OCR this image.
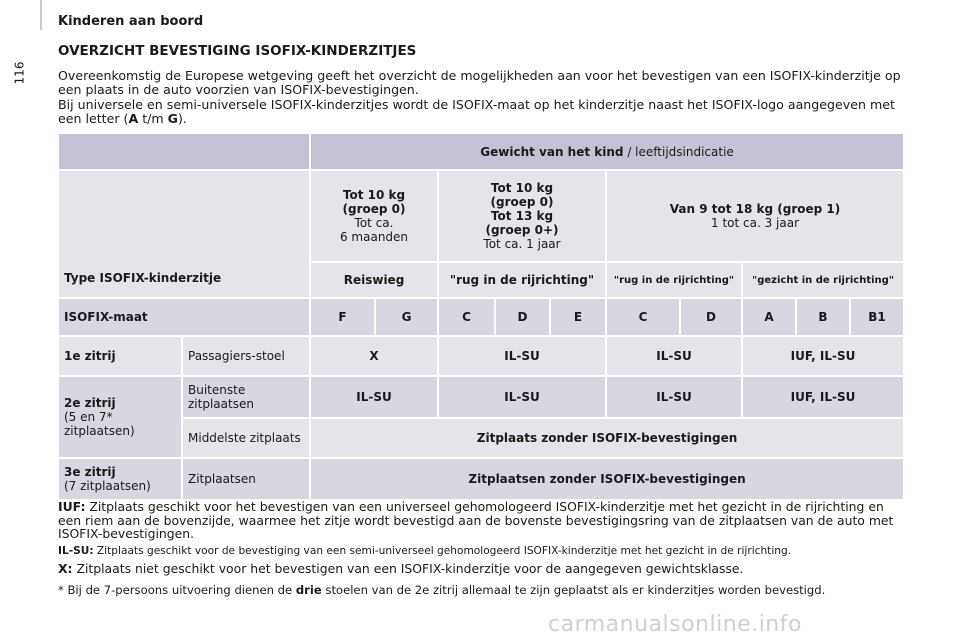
116
Kinderen aan boord
OVERZICHT BEVESTIGING ISOFIX-KINDERZITJES

Overeenkomstig de Europese wetgeving geeft het overzicht de mogelijkheden aan voor het bevestigen van een ISOFIX-kinderzitje op een plaats in de auto voorzien van ISOFIX-bevestigingen.

Bij universele en semi-universele ISOFIX-kinderzitjes wordt de ISOFIX-maat op het kinderzitje naast het ISOFIX-logo aangegeven met een letter (A t/m G).

		Gewicht van het kind / leeftijdsindicatie									
Type ISOFIX-kinderzitje		Tot 10 kg
(groep 0)
Tot ca.
6 maanden		Tot 10 kg
(groep 0)
Tot 13 kg
(groep 0+)
Tot ca. 1 jaar			Van 9 tot 18 kg (groep 1)
1 tot ca. 3 jaar				

		Reiswieg		"rug in de rijrichting"			"rug in de rijrichting"		"gezicht in de rijrichting"		
ISOFIX-maat		F	G	C	D	E	C	D	A	B	B1
1e zitrij	Passagiers-stoel	X		IL-SU			IL-SU		IUF, IL-SU		
2e zitrij
(5 en 7* zitplaatsen)	Buitenste zitplaatsen	IL-SU		IL-SU			IL-SU		IUF, IL-SU		
	Middelste zitplaats	Zitplaats zonder ISOFIX-bevestigingen									
3e zitrij
(7 zitplaatsen)	Zitplaatsen	Zitplaatsen zonder ISOFIX-bevestigingen									

IUF: Zitplaats geschikt voor het bevestigen van een universeel gehomologeerd ISOFIX-kinderzitje met het gezicht in de rijrichting en een riem aan de bovenzijde, waarmee het zitje wordt bevestigd aan de bovenste bevestigingsring van de zitplaatsen van de auto met ISOFIX-bevestigingen.

IL-SU: Zitplaats geschikt voor de bevestiging van een semi-universeel gehomologeerd ISOFIX-kinderzitje met het gezicht in de rijrichting.

X: Zitplaats niet geschikt voor het bevestigen van een ISOFIX-kinderzitje voor de aangegeven gewichtsklasse.

* Bij de 7-persoons uitvoering dienen de drie stoelen van de 2e zitrij allemaal te zijn geplaatst als er kinderzitjes worden bevestigd.

carmanualsonline.info
